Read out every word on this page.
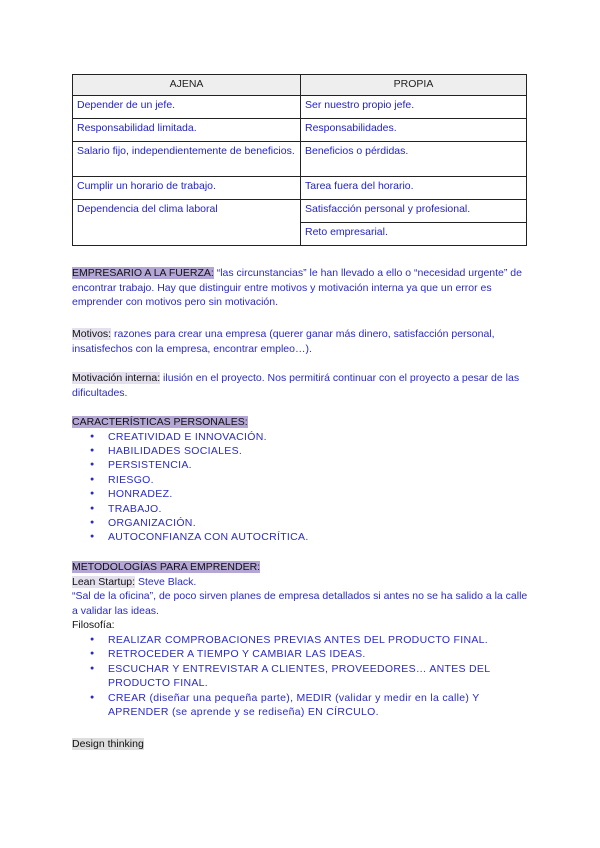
AJENA	PROPIA
Depender de un jefe.	Ser nuestro propio jefe.
Responsabilidad limitada.	Responsabilidades.
Salario fijo, independientemente de beneficios.	Beneficios o pérdidas.
Cumplir un horario de trabajo.	Tarea fuera del horario.
Dependencia del clima laboral	Satisfacción personal y profesional.
	Reto empresarial.

EMPRESARIO A LA FUERZA: “las circunstancias” le han llevado a ello o “necesidad urgente” de encontrar trabajo. Hay que distinguir entre motivos y motivación interna ya que un error es emprender con motivos pero sin motivación.

Motivos: razones para crear una empresa (querer ganar más dinero, satisfacción personal, insatisfechos con la empresa, encontrar empleo…).

Motivación interna: ilusión en el proyecto. Nos permitirá continuar con el proyecto a pesar de las dificultades.

CARACTERÍSTICAS PERSONALES:

● CREATIVIDAD E INNOVACIÓN.
● HABILIDADES SOCIALES.
● PERSISTENCIA.
● RIESGO.
● HONRADEZ.
● TRABAJO.
● ORGANIZACIÓN.
● AUTOCONFIANZA CON AUTOCRÍTICA.

METODOLOGÍAS PARA EMPRENDER:

Lean Startup: Steve Black.

“Sal de la oficina”, de poco sirven planes de empresa detallados si antes no se ha salido a la calle a validar las ideas.

Filosofía:

● REALIZAR COMPROBACIONES PREVIAS ANTES DEL PRODUCTO FINAL.
● RETROCEDER A TIEMPO Y CAMBIAR LAS IDEAS.
● ESCUCHAR Y ENTREVISTAR A CLIENTES, PROVEEDORES… ANTES DEL PRODUCTO FINAL.
● CREAR (diseñar una pequeña parte), MEDIR (validar y medir en la calle) Y APRENDER (se aprende y se rediseña) EN CÍRCULO.

Design thinking
